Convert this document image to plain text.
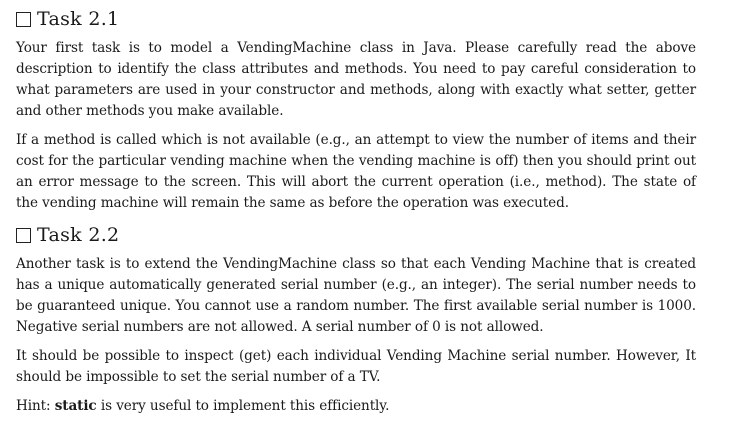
Task 2.1

Your first task is to model a VendingMachine class in Java. Please carefully read the above description to identify the class attributes and methods. You need to pay careful consideration to what parameters are used in your constructor and methods, along with exactly what setter, getter and other methods you make available.

If a method is called which is not available (e.g., an attempt to view the number of items and their cost for the particular vending machine when the vending machine is off) then you should print out an error message to the screen. This will abort the current operation (i.e., method). The state of the vending machine will remain the same as before the operation was executed.

Task 2.2

Another task is to extend the VendingMachine class so that each Vending Machine that is created has a unique automatically generated serial number (e.g., an integer). The serial number needs to be guaranteed unique. You cannot use a random number. The first available serial number is 1000. Negative serial numbers are not allowed. A serial number of 0 is not allowed.

It should be possible to inspect (get) each individual Vending Machine serial number. However, It should be impossible to set the serial number of a TV.

Hint: static is very useful to implement this efficiently.
